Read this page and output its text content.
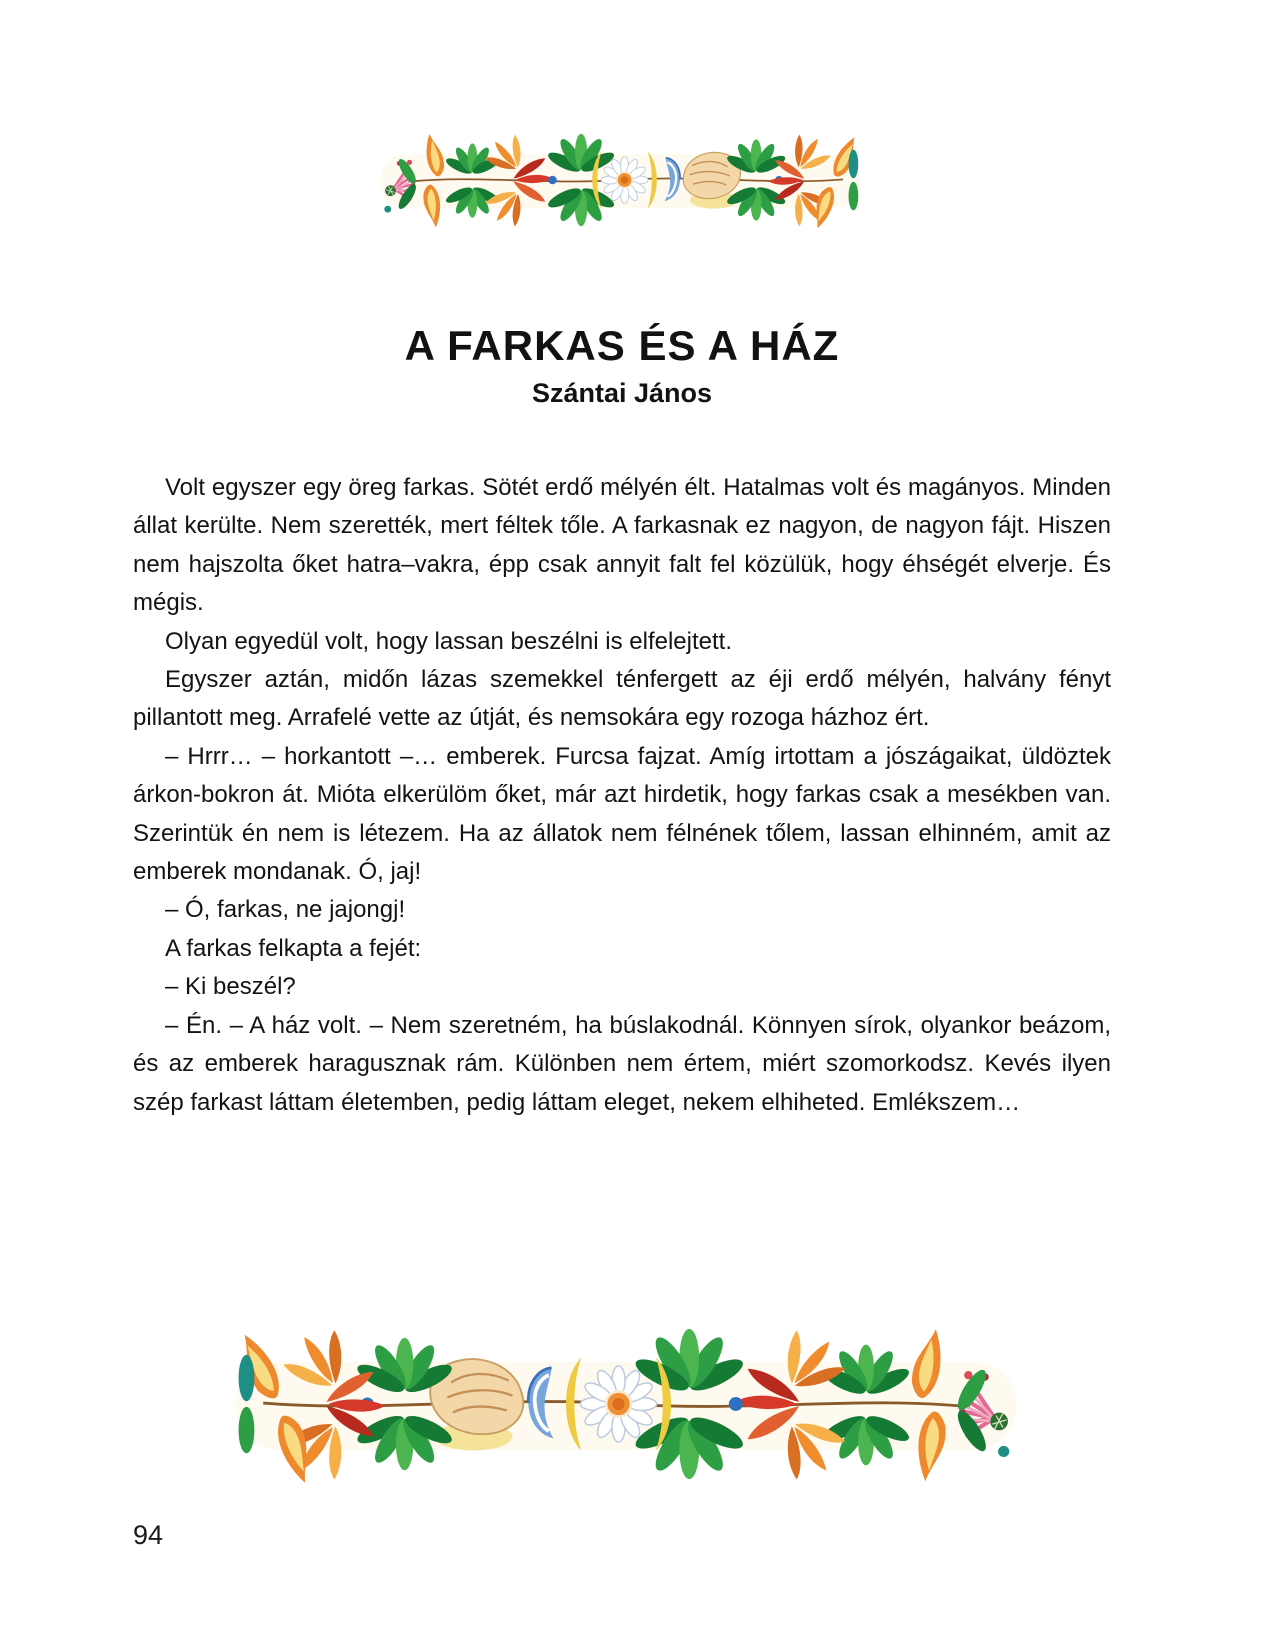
A FARKAS ÉS A HÁZ
Szántai János

Volt egyszer egy öreg farkas. Sötét erdő mélyén élt. Hatalmas volt és magányos. Minden állat kerülte. Nem szerették, mert féltek tőle. A farkasnak ez nagyon, de nagyon fájt. Hiszen nem hajszolta őket hatra–vakra, épp csak annyit falt fel közülük, hogy éhségét elverje. És mégis.

Olyan egyedül volt, hogy lassan beszélni is elfelejtett.

Egyszer aztán, midőn lázas szemekkel ténfergett az éji erdő mélyén, halvány fényt pillantott meg. Arrafelé vette az útját, és nemsokára egy rozoga házhoz ért.

– Hrrr… – horkantott –… emberek. Furcsa fajzat. Amíg irtottam a jószágaikat, üldöztek árkon-bokron át. Mióta elkerülöm őket, már azt hirdetik, hogy farkas csak a mesékben van. Szerintük én nem is létezem. Ha az állatok nem félnének tőlem, lassan elhinném, amit az emberek mondanak. Ó, jaj!

– Ó, farkas, ne jajongj!

A farkas felkapta a fejét:

– Ki beszél?

– Én. – A ház volt. – Nem szeretném, ha búslakodnál. Könnyen sírok, olyankor beázom, és az emberek haragusznak rám. Különben nem értem, miért szomorkodsz. Kevés ilyen szép farkast láttam életemben, pedig láttam eleget, nekem elhiheted. Emlékszem…

94
